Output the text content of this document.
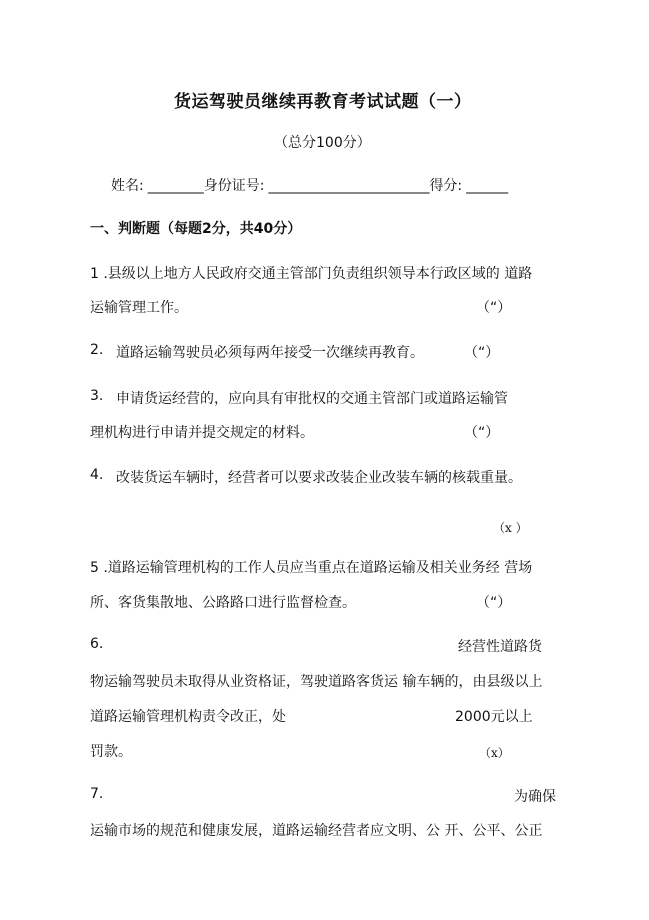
货运驾驶员继续再教育考试试题（一）
（总分100分）
姓名: ________身份证号: _______________________得分: ______
一、判断题（每题2分，共40分）
1 .县级以上地方人民政府交通主管部门负责组织领导本行政区域的 道路
运输管理工作。	（“）
2. 道路运输驾驶员必须每两年接受一次继续再教育。	（“）
3. 申请货运经营的，应向具有审批权的交通主管部门或道路运输管
理机构进行申请并提交规定的材料。	（“）
4. 改装货运车辆时，经营者可以要求改装企业改装车辆的核载重量。
（x ）
5 .道路运输管理机构的工作人员应当重点在道路运输及相关业务经 营场
所、客货集散地、公路路口进行监督检查。	（“）
6.	经营性道路货
物运输驾驶员未取得从业资格证，驾驶道路客货运 输车辆的，由县级以上
道路运输管理机构责令改正，处	2000元以上
罚款。	（x）
7.	为确保
运输市场的规范和健康发展，道路运输经营者应文明、公 开、公平、公正
